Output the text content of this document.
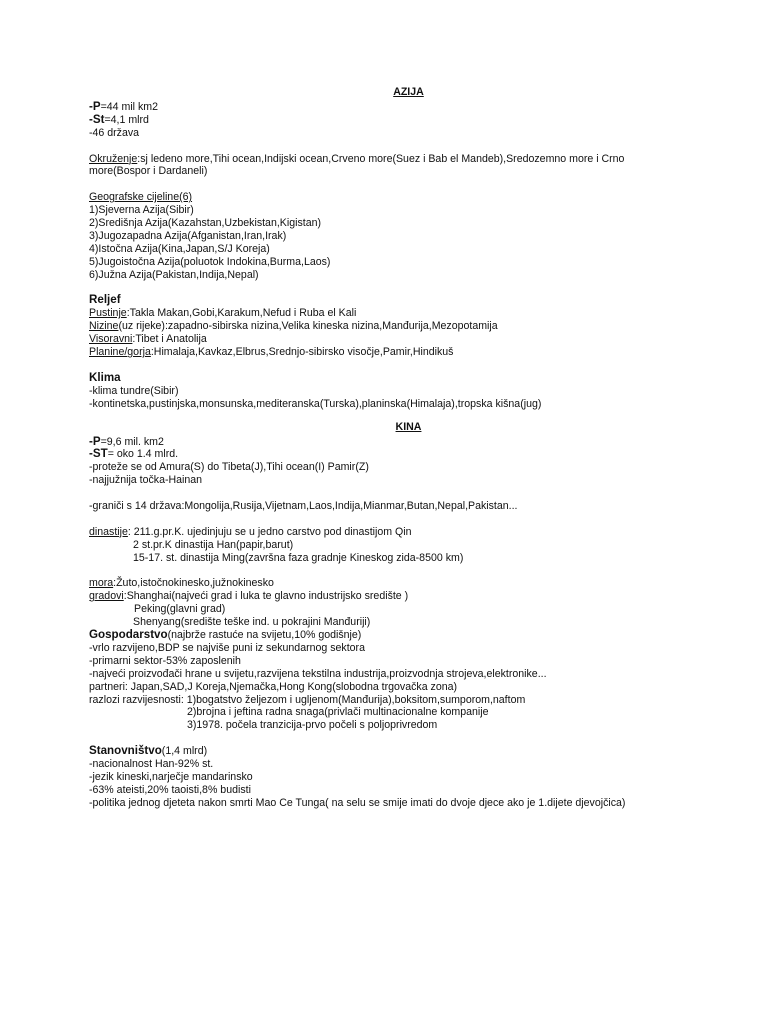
AZIJA
-P=44 mil km2
-St=4,1 mlrd
-46 država
Okruženje:sj ledeno more,Tihi ocean,Indijski ocean,Crveno more(Suez i Bab el Mandeb),Sredozemno more i Crno
more(Bospor i Dardaneli)
Geografske cijeline(6)
1)Sjeverna Azija(Sibir)
2)Središnja Azija(Kazahstan,Uzbekistan,Kigistan)
3)Jugozapadna Azija(Afganistan,Iran,Irak)
4)Istočna Azija(Kina,Japan,S/J Koreja)
5)Jugoistočna Azija(poluotok Indokina,Burma,Laos)
6)Južna Azija(Pakistan,Indija,Nepal)
Reljef
Pustinje:Takla Makan,Gobi,Karakum,Nefud i Ruba el Kali
Nizine(uz rijeke):zapadno-sibirska nizina,Velika kineska nizina,Manđurija,Mezopotamija
Visoravni:Tibet i Anatolija
Planine/gorja:Himalaja,Kavkaz,Elbrus,Srednjo-sibirsko visočje,Pamir,Hindikuš
Klima
-klima tundre(Sibir)
-kontinetska,pustinjska,monsunska,mediteranska(Turska),planinska(Himalaja),tropska kišna(jug)
KINA
-P=9,6 mil. km2
-ST= oko 1.4 mlrd.
-proteže se od Amura(S) do Tibeta(J),Tihi ocean(I) Pamir(Z)
-najjužnija točka-Hainan
-graniči s 14 država:Mongolija,Rusija,Vijetnam,Laos,Indija,Mianmar,Butan,Nepal,Pakistan...
dinastije: 211.g.pr.K. ujedinjuju se u jedno carstvo pod dinastijom Qin
2 st.pr.K dinastija Han(papir,barut)
15-17. st. dinastija Ming(završna faza gradnje Kineskog zida-8500 km)
mora:Žuto,istočnokinesko,južnokinesko
gradovi:Shanghai(najveći grad i luka te glavno industrijsko središte )
Peking(glavni grad)
Shenyang(središte teške ind. u pokrajini Manđuriji)
Gospodarstvo(najbrže rastuće na svijetu,10% godišnje)
-vrlo razvijeno,BDP se najviše puni iz sekundarnog sektora
-primarni sektor-53% zaposlenih
-najveći proizvođači hrane u svijetu,razvijena tekstilna industrija,proizvodnja strojeva,elektronike...
partneri: Japan,SAD,J Koreja,Njemačka,Hong Kong(slobodna trgovačka zona)
razlozi razvijesnosti: 1)bogatstvo željezom i ugljenom(Manđurija),boksitom,sumporom,naftom
2)brojna i jeftina radna snaga(privlači multinacionalne kompanije
3)1978. počela tranzicija-prvo počeli s poljoprivredom
Stanovništvo(1,4 mlrd)
-nacionalnost Han-92% st.
-jezik kineski,narječje mandarinsko
-63% ateisti,20% taoisti,8% budisti
-politika jednog djeteta nakon smrti Mao Ce Tunga( na selu se smije imati do dvoje djece ako je 1.dijete djevojčica)
